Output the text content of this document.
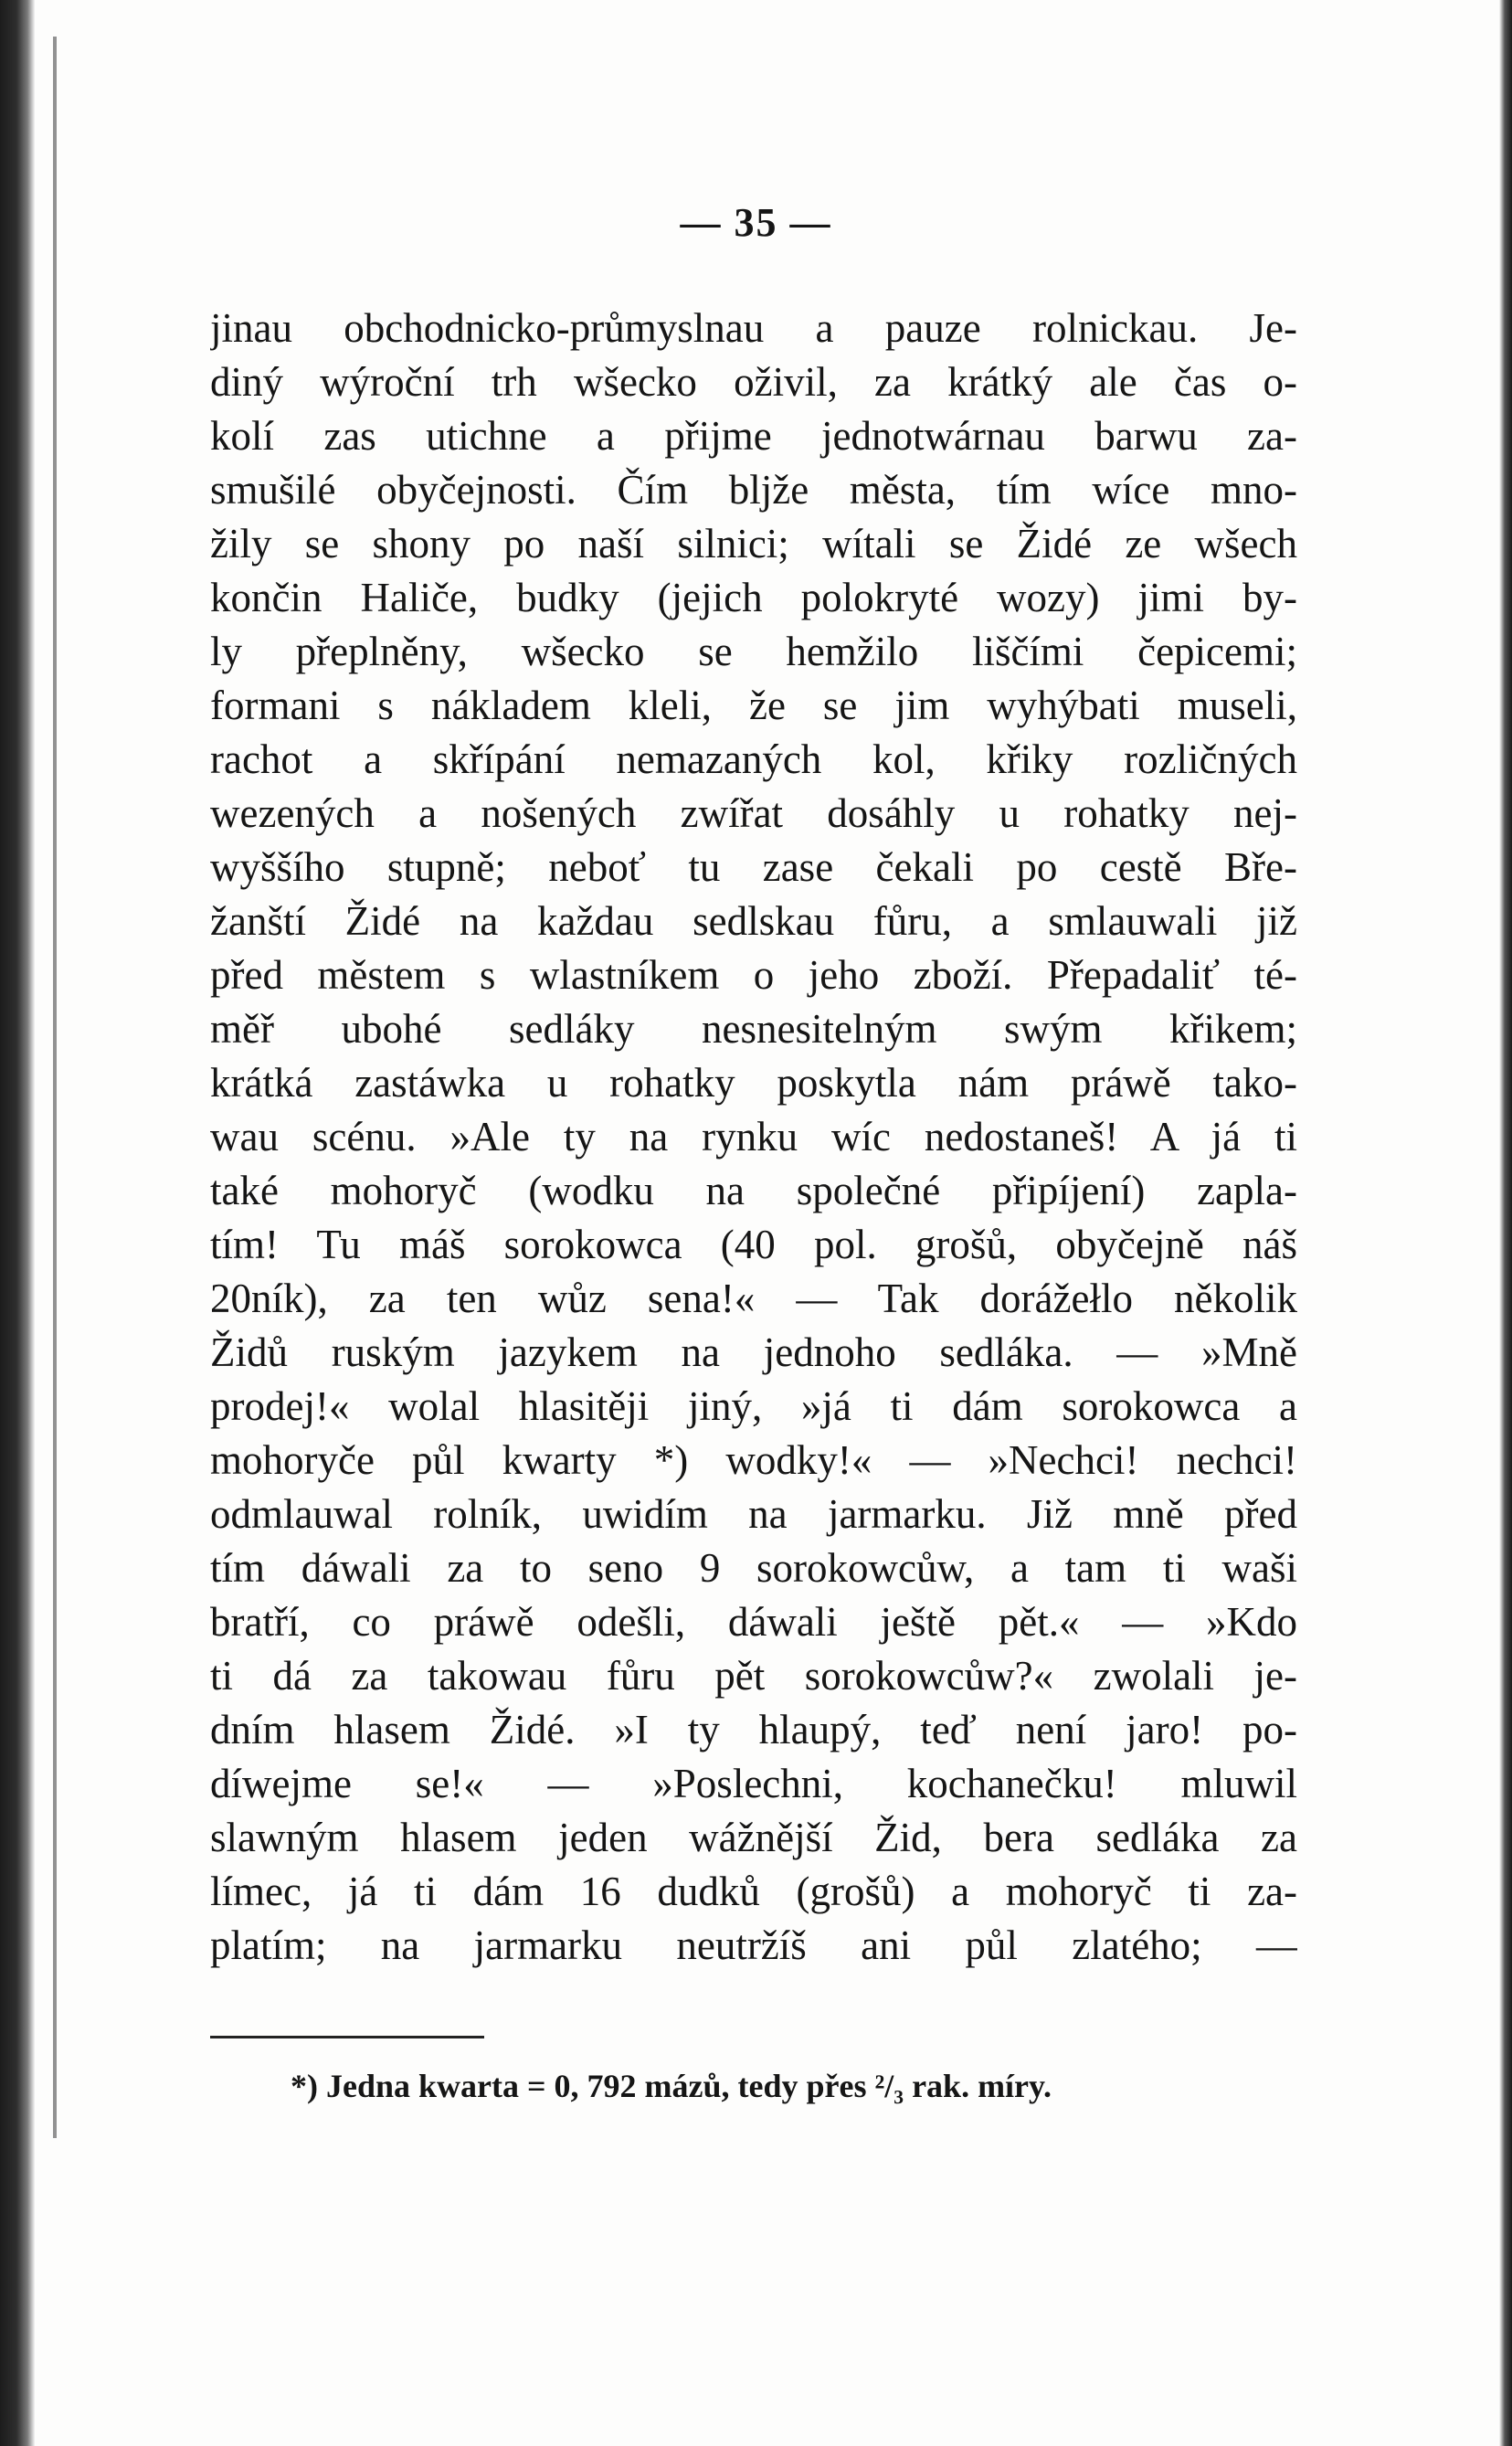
— 35 —
jinau obchodnicko-průmyslnau a pauze rolnickau. Je-
diný wýroční trh wšecko oživil, za krátký ale čas o-
kolí zas utichne a přijme jednotwárnau barwu za-
smušilé obyčejnosti. Čím bljže města, tím wíce mno-
žily se shony po naší silnici; wítali se Židé ze wšech
končin Haliče, budky (jejich polokryté wozy) jimi by-
ly přeplněny, wšecko se hemžilo liščími čepicemi;
formani s nákladem kleli, že se jim wyhýbati museli,
rachot a skřípání nemazaných kol, křiky rozličných
wezených a nošených zwířat dosáhly u rohatky nej-
wyššího stupně; neboť tu zase čekali po cestě Bře-
žanští Židé na každau sedlskau fůru, a smlauwali již
před městem s wlastníkem o jeho zboží. Přepadaliť té-
měř ubohé sedláky nesnesitelným swým křikem;
krátká zastáwka u rohatky poskytla nám práwě tako-
wau scénu. »Ale ty na rynku wíc nedostaneš! A já ti
také mohoryč (wodku na společné připíjení) zapla-
tím! Tu máš sorokowca (40 pol. grošů, obyčejně náš
20ník), za ten wůz sena!« — Tak dorážełlo několik
Židů ruským jazykem na jednoho sedláka. — »Mně
prodej!« wolal hlasitěji jiný, »já ti dám sorokowca a
mohoryče půl kwarty *) wodky!« — »Nechci! nechci!
odmlauwal rolník, uwidím na jarmarku. Již mně před
tím dáwali za to seno 9 sorokowcůw, a tam ti waši
bratří, co práwě odešli, dáwali ještě pět.« — »Kdo
ti dá za takowau fůru pět sorokowcůw?« zwolali je-
dním hlasem Židé. »I ty hlaupý, teď není jaro! po-
díwejme se!« — »Poslechni, kochanečku! mluwil
slawným hlasem jeden wážnější Žid, bera sedláka za
límec, já ti dám 16 dudků (grošů) a mohoryč ti za-
platím; na jarmarku neutržíš ani půl zlatého; —
*) Jedna kwarta = 0, 792 mázů, tedy přes ²/₃ rak. míry.
